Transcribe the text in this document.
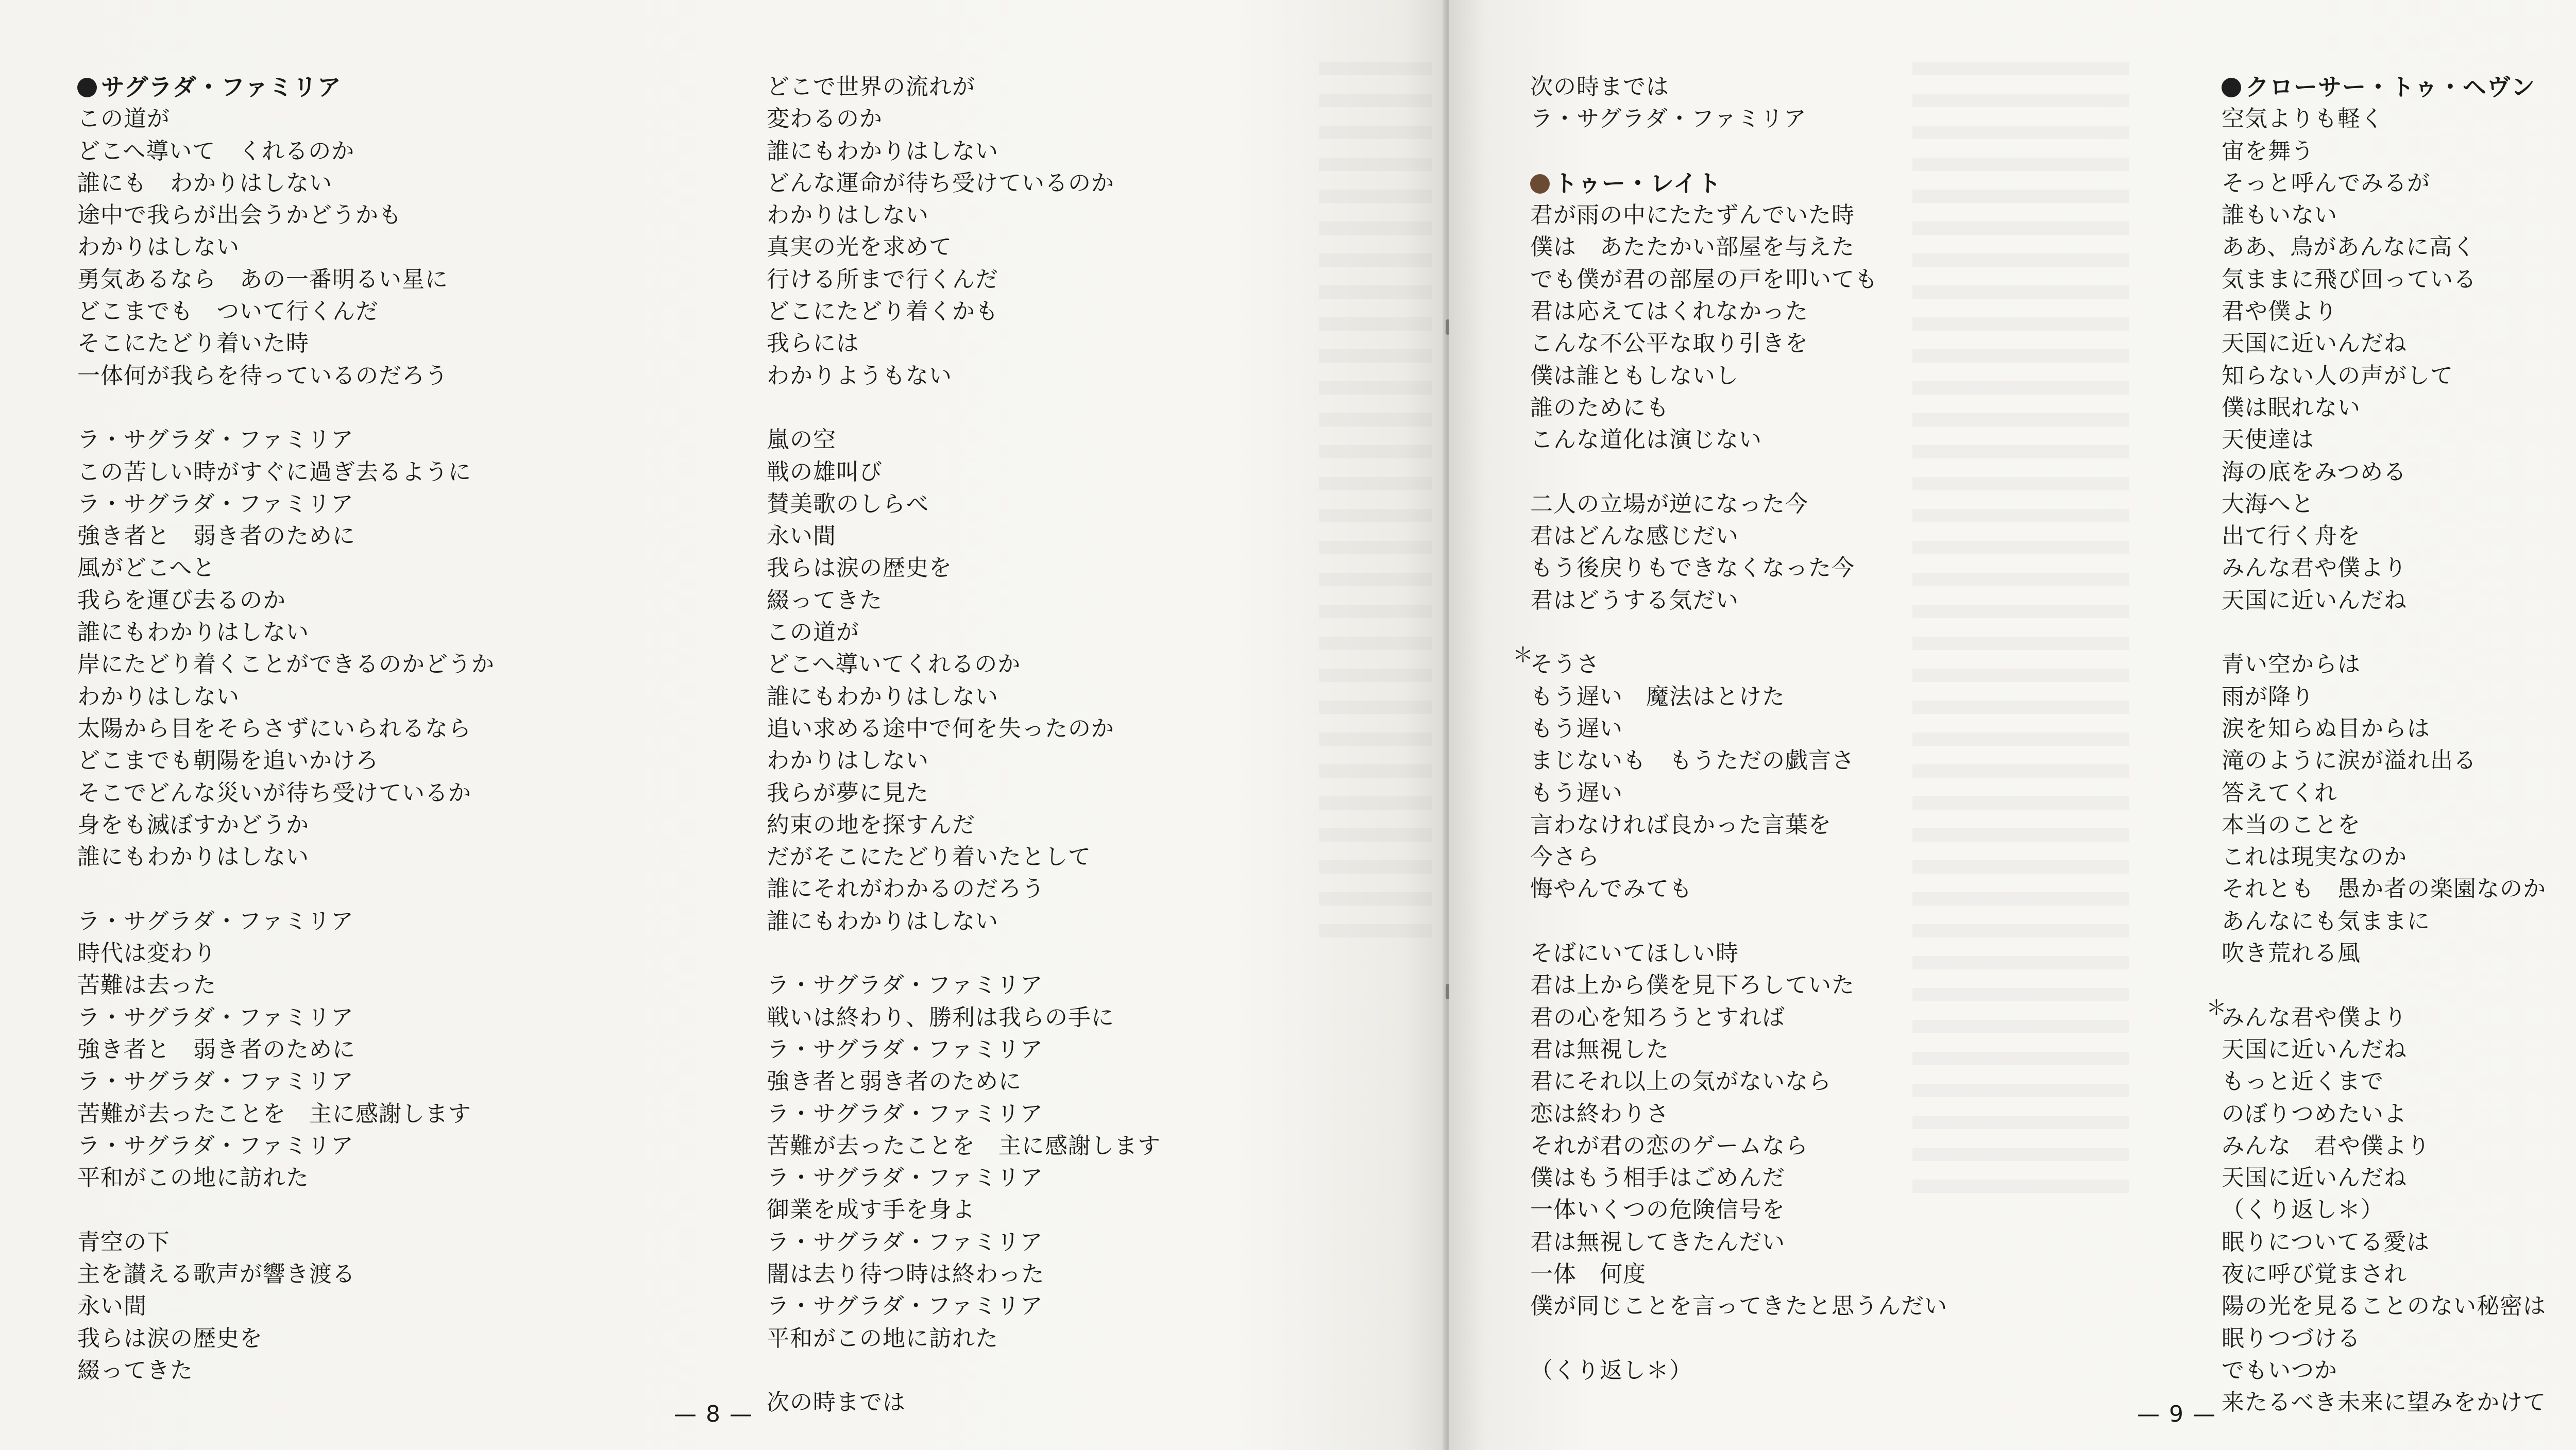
サグラダ・ファミリア
この道が
どこへ導いて　くれるのか
誰にも　わかりはしない
途中で我らが出会うかどうかも
わかりはしない
勇気あるなら　あの一番明るい星に
どこまでも　ついて行くんだ
そこにたどり着いた時
一体何が我らを待っているのだろう
ラ・サグラダ・ファミリア
この苦しい時がすぐに過ぎ去るように
ラ・サグラダ・ファミリア
強き者と　弱き者のために
風がどこへと
我らを運び去るのか
誰にもわかりはしない
岸にたどり着くことができるのかどうか
わかりはしない
太陽から目をそらさずにいられるなら
どこまでも朝陽を追いかけろ
そこでどんな災いが待ち受けているか
身をも滅ぼすかどうか
誰にもわかりはしない
ラ・サグラダ・ファミリア
時代は変わり
苦難は去った
ラ・サグラダ・ファミリア
強き者と　弱き者のために
ラ・サグラダ・ファミリア
苦難が去ったことを　主に感謝します
ラ・サグラダ・ファミリア
平和がこの地に訪れた
青空の下
主を讃える歌声が響き渡る
永い間
我らは涙の歴史を
綴ってきた
どこで世界の流れが
変わるのか
誰にもわかりはしない
どんな運命が待ち受けているのか
わかりはしない
真実の光を求めて
行ける所まで行くんだ
どこにたどり着くかも
我らには
わかりようもない
嵐の空
戦の雄叫び
賛美歌のしらべ
永い間
我らは涙の歴史を
綴ってきた
この道が
どこへ導いてくれるのか
誰にもわかりはしない
追い求める途中で何を失ったのか
わかりはしない
我らが夢に見た
約束の地を探すんだ
だがそこにたどり着いたとして
誰にそれがわかるのだろう
誰にもわかりはしない
ラ・サグラダ・ファミリア
戦いは終わり、勝利は我らの手に
ラ・サグラダ・ファミリア
強き者と弱き者のために
ラ・サグラダ・ファミリア
苦難が去ったことを　主に感謝します
ラ・サグラダ・ファミリア
御業を成す手を身よ
ラ・サグラダ・ファミリア
闇は去り待つ時は終わった
ラ・サグラダ・ファミリア
平和がこの地に訪れた
次の時までは
— 8 —
次の時までは
ラ・サグラダ・ファミリア
トゥー・レイト
君が雨の中にたたずんでいた時
僕は　あたたかい部屋を与えた
でも僕が君の部屋の戸を叩いても
君は応えてはくれなかった
こんな不公平な取り引きを
僕は誰ともしないし
誰のためにも
こんな道化は演じない
二人の立場が逆になった今
君はどんな感じだい
もう後戻りもできなくなった今
君はどうする気だい
そうさ
もう遅い　魔法はとけた
もう遅い
まじないも　もうただの戯言さ
もう遅い
言わなければ良かった言葉を
今さら
悔やんでみても
そばにいてほしい時
君は上から僕を見下ろしていた
君の心を知ろうとすれば
君は無視した
君にそれ以上の気がないなら
恋は終わりさ
それが君の恋のゲームなら
僕はもう相手はごめんだ
一体いくつの危険信号を
君は無視してきたんだい
一体　何度
僕が同じことを言ってきたと思うんだい
（くり返し＊）
クローサー・トゥ・ヘヴン
空気よりも軽く
宙を舞う
そっと呼んでみるが
誰もいない
ああ、鳥があんなに高く
気ままに飛び回っている
君や僕より
天国に近いんだね
知らない人の声がして
僕は眠れない
天使達は
海の底をみつめる
大海へと
出て行く舟を
みんな君や僕より
天国に近いんだね
青い空からは
雨が降り
涙を知らぬ目からは
滝のように涙が溢れ出る
答えてくれ
本当のことを
これは現実なのか
それとも　愚か者の楽園なのか
あんなにも気ままに
吹き荒れる風
みんな君や僕より
天国に近いんだね
もっと近くまで
のぼりつめたいよ
みんな　君や僕より
天国に近いんだね
（くり返し＊）
眠りについてる愛は
夜に呼び覚まされ
陽の光を見ることのない秘密は
眠りつづける
でもいつか
来たるべき未来に望みをかけて
＊
＊
— 9 —
